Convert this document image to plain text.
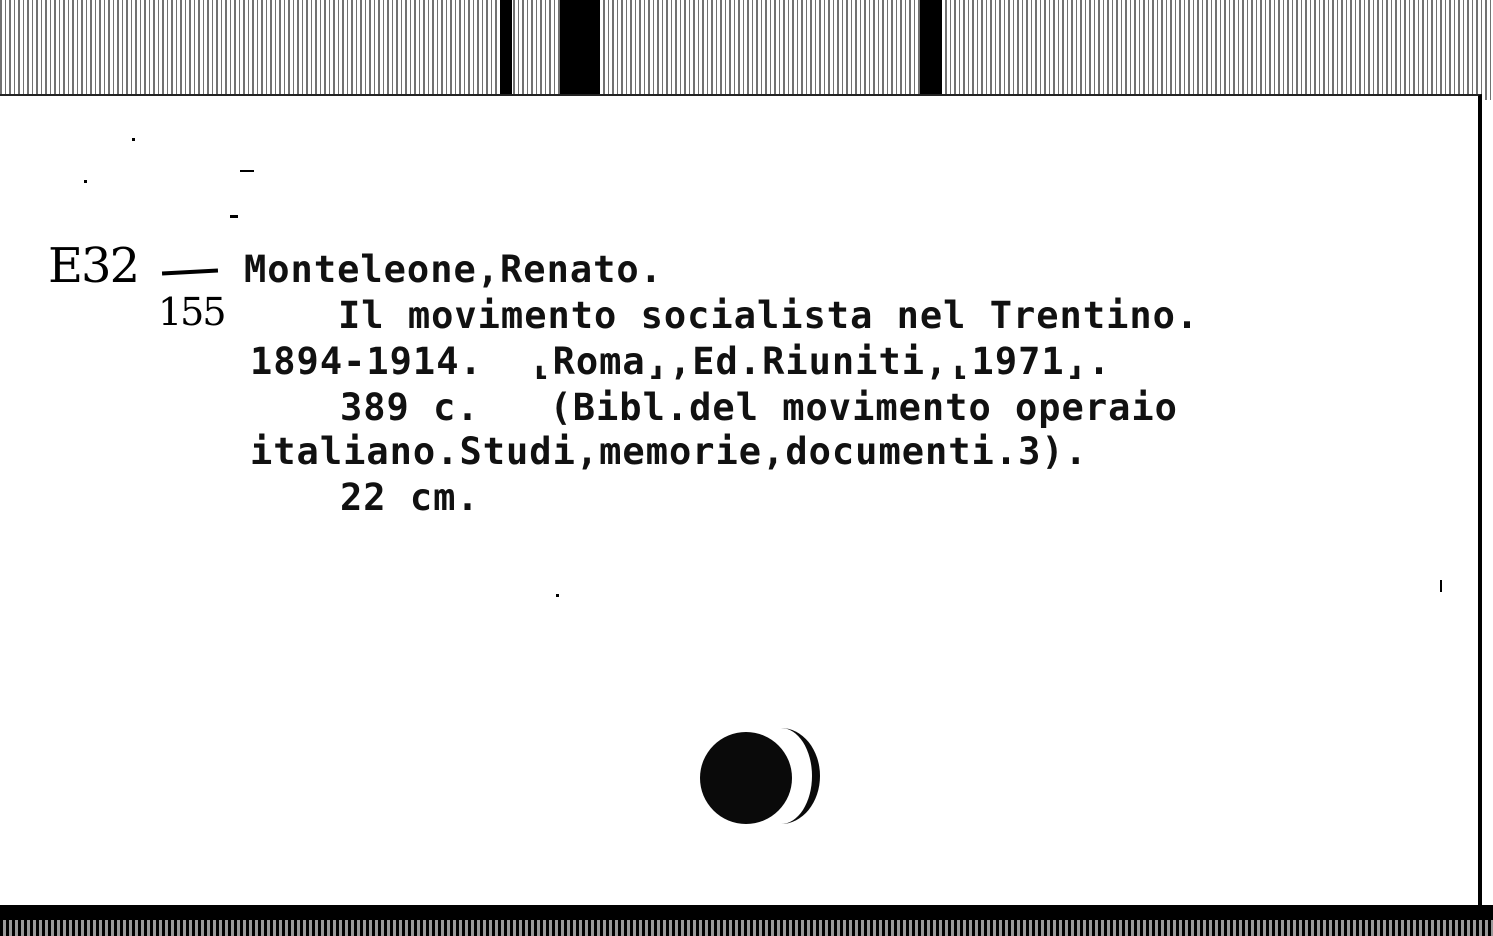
E32
155
Monteleone,Renato.
Il movimento socialista nel Trentino.
1894-1914.  ⸤Roma⸥,Ed.Riuniti,⸤1971⸥.
389 c.   (Bibl.del movimento operaio
italiano.Studi,memorie,documenti.3).
22 cm.
